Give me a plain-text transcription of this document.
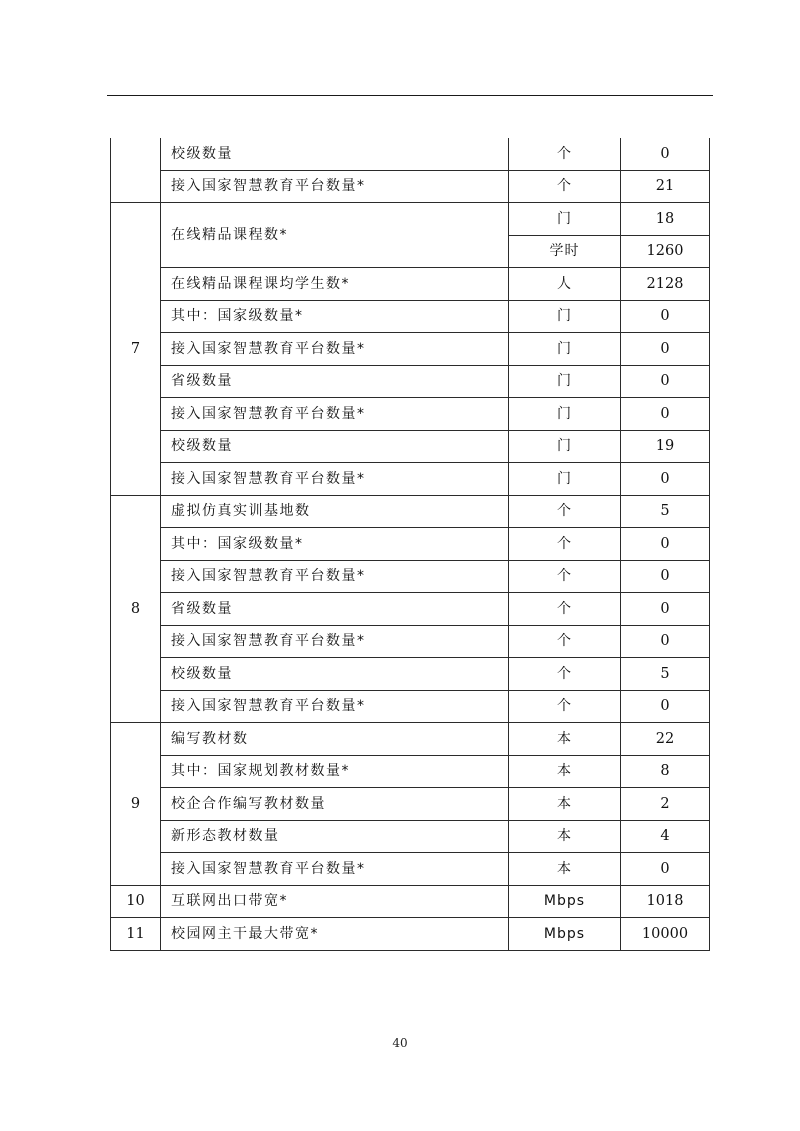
	校级数量	个	0
	接入国家智慧教育平台数量*	个	21
7	在线精品课程数*	门	18
		学时	1260
	在线精品课程课均学生数*	人	2128
	其中：国家级数量*	门	0
	接入国家智慧教育平台数量*	门	0
	省级数量	门	0
	接入国家智慧教育平台数量*	门	0
	校级数量	门	19
	接入国家智慧教育平台数量*	门	0
8	虚拟仿真实训基地数	个	5
	其中：国家级数量*	个	0
	接入国家智慧教育平台数量*	个	0
	省级数量	个	0
	接入国家智慧教育平台数量*	个	0
	校级数量	个	5
	接入国家智慧教育平台数量*	个	0
9	编写教材数	本	22
	其中：国家规划教材数量*	本	8
	校企合作编写教材数量	本	2
	新形态教材数量	本	4
	接入国家智慧教育平台数量*	本	0
10	互联网出口带宽*	Mbps	1018
11	校园网主干最大带宽*	Mbps	10000
40
